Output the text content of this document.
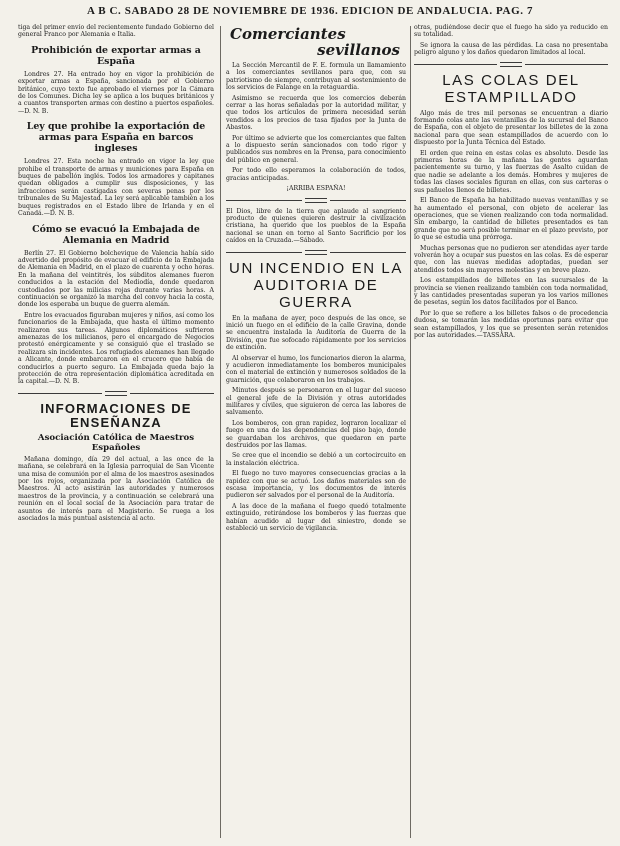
A B C. SABADO 28 DE NOVIEMBRE DE 1936. EDICION DE ANDALUCIA. PAG. 7

tiga del primer envío del recientemente fundado Gobierno del general Franco por Alemania e Italia.

Prohibición de exportar armas a España

Londres 27. Ha entrado hoy en vigor la prohibición de exportar armas a España, sancionada por el Gobierno británico, cuyo texto fue aprobado el viernes por la Cámara de los Comunes. Dicha ley se aplica a los buques británicos y a cuantos transporten armas con destino a puertos españoles.—D. N. B.

Ley que prohibe la exportación de armas para España en barcos ingleses

Londres 27. Esta noche ha entrado en vigor la ley que prohibe el transporte de armas y municiones para España en buques de pabellón inglés. Todos los armadores y capitanes quedan obligados a cumplir sus disposiciones, y las infracciones serán castigadas con severas penas por los tribunales de Su Majestad. La ley será aplicable también a los buques registrados en el Estado libre de Irlanda y en el Canadá.—D. N. B.

Cómo se evacuó la Embajada de Alemania en Madrid

Berlín 27. El Gobierno bolchevique de Valencia había sido advertido del propósito de evacuar el edificio de la Embajada de Alemania en Madrid, en el plazo de cuarenta y ocho horas. En la mañana del veintitrés, los súbditos alemanes fueron conducidos a la estación del Mediodía, donde quedaron custodiados por las milicias rojas durante varias horas. A continuación se organizó la marcha del convoy hacia la costa, donde los esperaba un buque de guerra alemán.

Entre los evacuados figuraban mujeres y niños, así como los funcionarios de la Embajada, que hasta el último momento realizaron sus tareas. Algunos diplomáticos sufrieron amenazas de los milicianos, pero el encargado de Negocios protestó enérgicamente y se consiguió que el traslado se realizara sin incidentes. Los refugiados alemanes han llegado a Alicante, donde embarcaron en el crucero que había de conducirlos a puerto seguro. La Embajada queda bajo la protección de otra representación diplomática acreditada en la capital.—D. N. B.

INFORMACIONES DE ENSEÑANZA
Asociación Católica de Maestros Españoles

Mañana domingo, día 29 del actual, a las once de la mañana, se celebrará en la Iglesia parroquial de San Vicente una misa de comunión por el alma de los maestros asesinados por los rojos, organizada por la Asociación Católica de Maestros. Al acto asistirán las autoridades y numerosos maestros de la provincia, y a continuación se celebrará una reunión en el local social de la Asociación para tratar de asuntos de interés para el Magisterio. Se ruega a los asociados la más puntual asistencia al acto.

Comerciantes
sevillanos

La Sección Mercantil de F. E. formula un llamamiento a los comerciantes sevillanos para que, con su patriotismo de siempre, contribuyan al sostenimiento de los servicios de Falange en la retaguardia.

Asimismo se recuerda que los comercios deberán cerrar a las horas señaladas por la autoridad militar, y que todos los artículos de primera necesidad serán vendidos a los precios de tasa fijados por la Junta de Abastos.

Por último se advierte que los comerciantes que falten a lo dispuesto serán sancionados con todo rigor y publicados sus nombres en la Prensa, para conocimiento del público en general.

Por todo ello esperamos la colaboración de todos, gracias anticipadas.

¡ARRIBA ESPAÑA!

El Dios, libre de la tierra que aplaude al sangriento producto de quienes quieren destruir la civilización cristiana, ha querido que los pueblos de la España nacional se unan en torno al Santo Sacrificio por los caídos en la Cruzada.—Sábado.

UN INCENDIO EN LA AUDITORIA DE GUERRA

En la mañana de ayer, poco después de las once, se inició un fuego en el edificio de la calle Gravina, donde se encuentra instalada la Auditoría de Guerra de la División, que fue sofocado rápidamente por los servicios de extinción.

Al observar el humo, los funcionarios dieron la alarma, y acudieron inmediatamente los bomberos municipales con el material de extinción y numerosos soldados de la guarnición, que colaboraron en los trabajos.

Minutos después se personaron en el lugar del suceso el general jefe de la División y otras autoridades militares y civiles, que siguieron de cerca las labores de salvamento.

Los bomberos, con gran rapidez, lograron localizar el fuego en una de las dependencias del piso bajo, donde se guardaban los archivos, que quedaron en parte destruidos por las llamas.

Se cree que el incendio se debió a un cortocircuito en la instalación eléctrica.

El fuego no tuvo mayores consecuencias gracias a la rapidez con que se actuó. Los daños materiales son de escasa importancia, y los documentos de interés pudieron ser salvados por el personal de la Auditoría.

A las doce de la mañana el fuego quedó totalmente extinguido, retirándose los bomberos y las fuerzas que habían acudido al lugar del siniestro, donde se estableció un servicio de vigilancia.

otras, pudiéndose decir que el fuego ha sido ya reducido en su totalidad.

Se ignora la causa de las pérdidas. La casa no presentaba peligro alguno y los daños quedaron limitados al local.

LAS COLAS DEL ESTAMPILLADO

Algo más de tres mil personas se encuentran a diario formando colas ante las ventanillas de la sucursal del Banco de España, con el objeto de presentar los billetes de la zona nacional para que sean estampillados de acuerdo con lo dispuesto por la Junta Técnica del Estado.

El orden que reina en estas colas es absoluto. Desde las primeras horas de la mañana las gentes aguardan pacientemente su turno, y las fuerzas de Asalto cuidan de que nadie se adelante a los demás. Hombres y mujeres de todas las clases sociales figuran en ellas, con sus carteras o sus pañuelos llenos de billetes.

El Banco de España ha habilitado nuevas ventanillas y se ha aumentado el personal, con objeto de acelerar las operaciones, que se vienen realizando con toda normalidad. Sin embargo, la cantidad de billetes presentados es tan grande que no será posible terminar en el plazo previsto, por lo que se estudia una prórroga.

Muchas personas que no pudieron ser atendidas ayer tarde volverán hoy a ocupar sus puestos en las colas. Es de esperar que, con las nuevas medidas adoptadas, puedan ser atendidos todos sin mayores molestias y en breve plazo.

Los estampillados de billetes en las sucursales de la provincia se vienen realizando también con toda normalidad, y las cantidades presentadas superan ya los varios millones de pesetas, según los datos facilitados por el Banco.

Por lo que se refiere a los billetes falsos o de procedencia dudosa, se tomarán las medidas oportunas para evitar que sean estampillados, y los que se presenten serán retenidos por las autoridades.—TASSARA.
